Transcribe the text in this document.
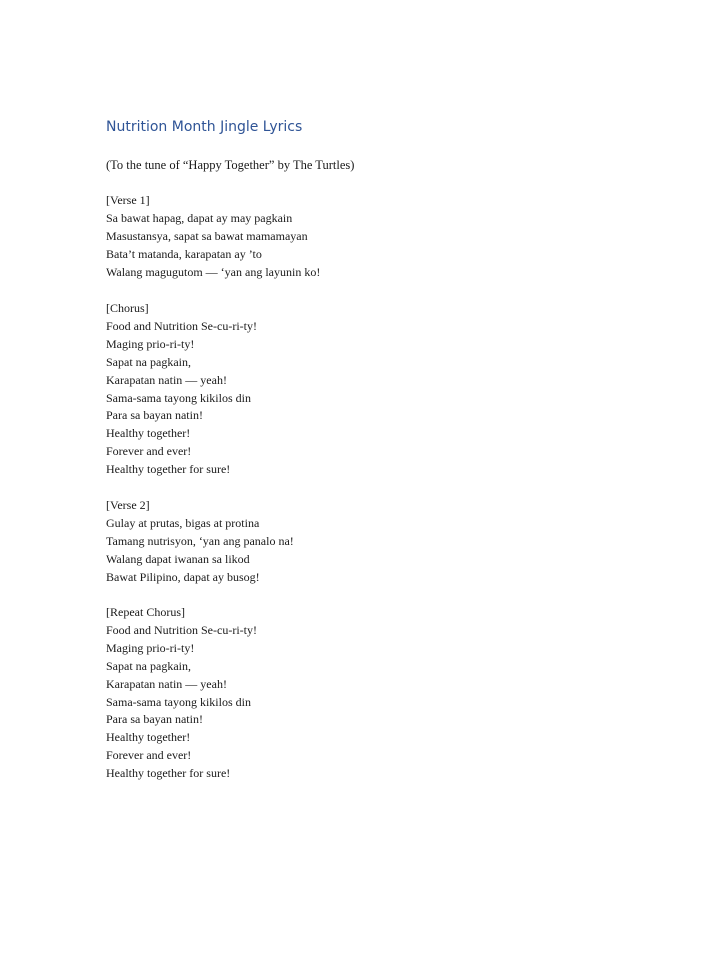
Nutrition Month Jingle Lyrics

(To the tune of “Happy Together” by The Turtles)

[Verse 1]
Sa bawat hapag, dapat ay may pagkain
Masustansya, sapat sa bawat mamamayan
Bata’t matanda, karapatan ay ’to
Walang magugutom — ‘yan ang layunin ko!
[Chorus]
Food and Nutrition Se-cu-ri-ty!
Maging prio-ri-ty!
Sapat na pagkain,
Karapatan natin — yeah!
Sama-sama tayong kikilos din
Para sa bayan natin!
Healthy together!
Forever and ever!
Healthy together for sure!
[Verse 2]
Gulay at prutas, bigas at protina
Tamang nutrisyon, ‘yan ang panalo na!
Walang dapat iwanan sa likod
Bawat Pilipino, dapat ay busog!
[Repeat Chorus]
Food and Nutrition Se-cu-ri-ty!
Maging prio-ri-ty!
Sapat na pagkain,
Karapatan natin — yeah!
Sama-sama tayong kikilos din
Para sa bayan natin!
Healthy together!
Forever and ever!
Healthy together for sure!
